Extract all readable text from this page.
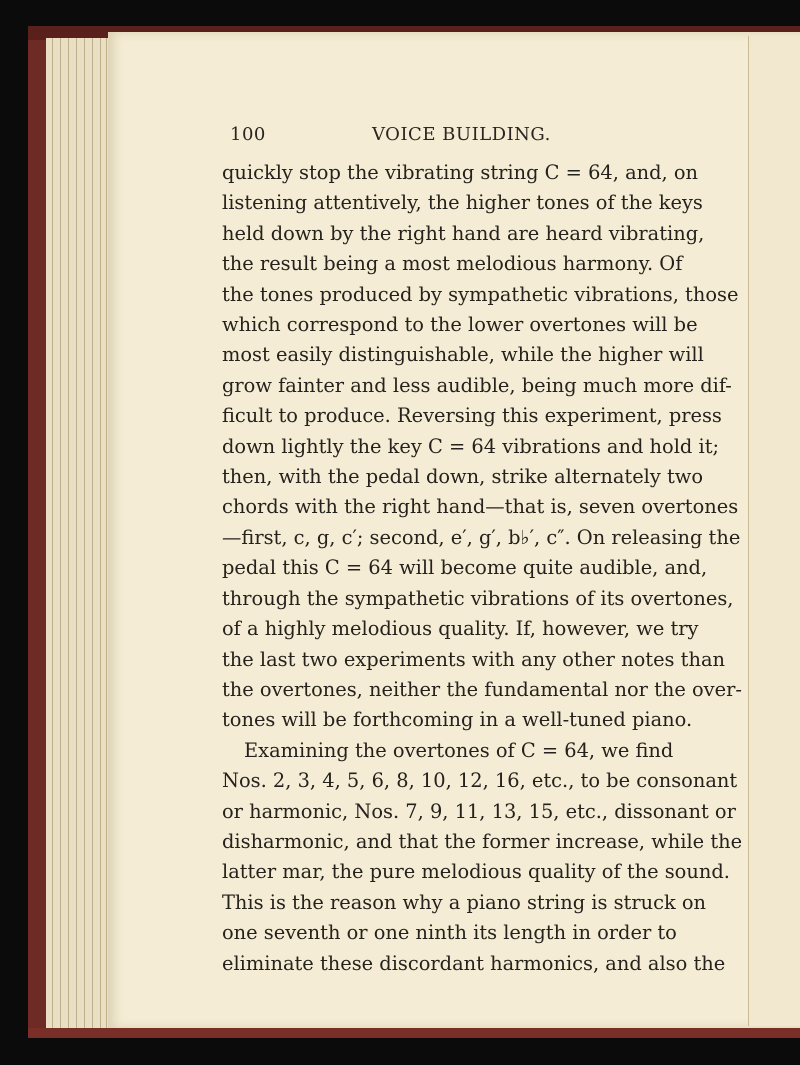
100	VOICE BUILDING.
quickly stop the vibrating string C = 64, and, on
listening attentively, the higher tones of the keys
held down by the right hand are heard vibrating,
the result being a most melodious harmony. Of
the tones produced by sympathetic vibrations, those
which correspond to the lower overtones will be
most easily distinguishable, while the higher will
grow fainter and less audible, being much more dif-
ficult to produce. Reversing this experiment, press
down lightly the key C = 64 vibrations and hold it;
then, with the pedal down, strike alternately two
chords with the right hand—that is, seven overtones
—first, c, g, c′; second, e′, g′, b♭′, c″. On releasing the
pedal this C = 64 will become quite audible, and,
through the sympathetic vibrations of its overtones,
of a highly melodious quality. If, however, we try
the last two experiments with any other notes than
the overtones, neither the fundamental nor the over-
tones will be forthcoming in a well-tuned piano.
Examining the overtones of C = 64, we find
Nos. 2, 3, 4, 5, 6, 8, 10, 12, 16, etc., to be consonant
or harmonic, Nos. 7, 9, 11, 13, 15, etc., dissonant or
disharmonic, and that the former increase, while the
latter mar, the pure melodious quality of the sound.
This is the reason why a piano string is struck on
one seventh or one ninth its length in order to
eliminate these discordant harmonics, and also the
